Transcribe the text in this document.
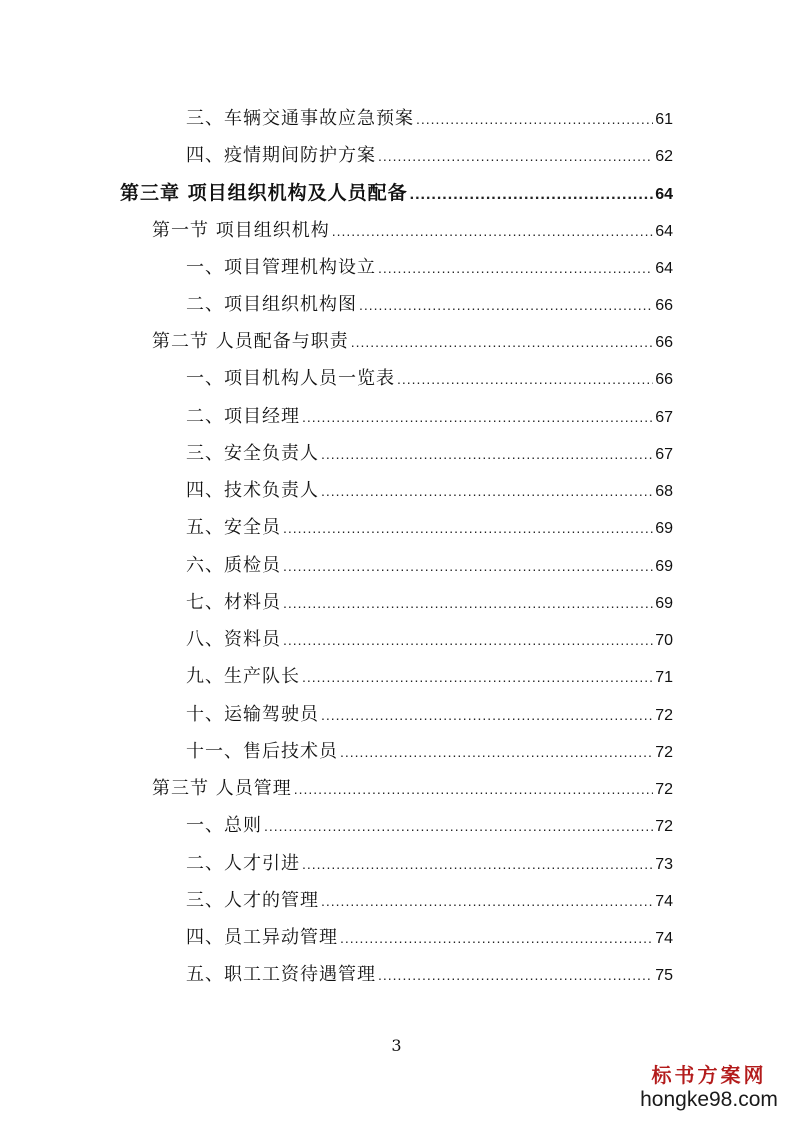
三、车辆交通事故应急预案 .....	61
四、疫情期间防护方案 .....	62
第三章 项目组织机构及人员配备 .....	64
第一节 项目组织机构 .....	64
一、项目管理机构设立 .....	64
二、项目组织机构图 .....	66
第二节 人员配备与职责 .....	66
一、项目机构人员一览表 .....	66
二、项目经理 .....	67
三、安全负责人 .....	67
四、技术负责人 .....	68
五、安全员 .....	69
六、质检员 .....	69
七、材料员 .....	69
八、资料员 .....	70
九、生产队长 .....	71
十、运输驾驶员 .....	72
十一、售后技术员 .....	72
第三节 人员管理 .....	72
一、总则 .....	72
二、人才引进 .....	73
三、人才的管理 .....	74
四、员工异动管理 .....	74
五、职工工资待遇管理 .....	75
3
标书方案网
hongke98.com
